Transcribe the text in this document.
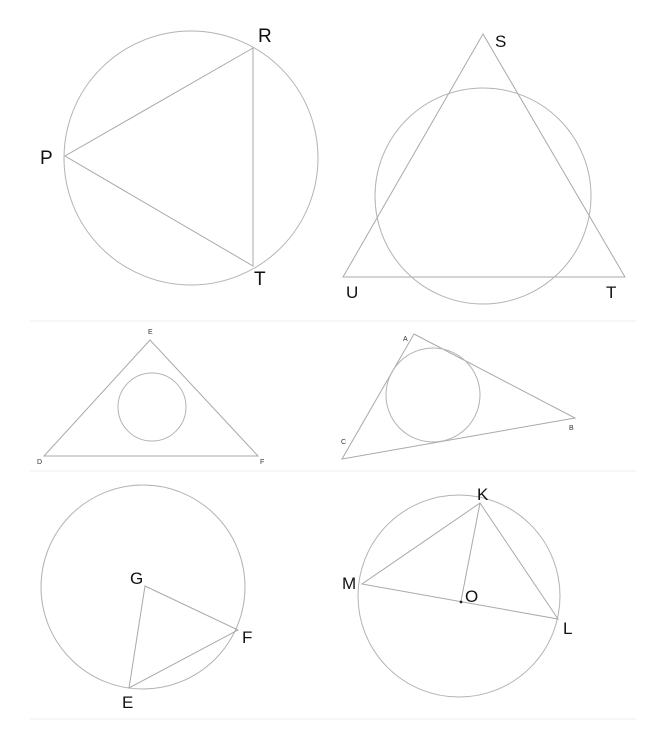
R
P
T
S
U	T
E
D	F
A
B
C
G
F
E
K
M
O
L
